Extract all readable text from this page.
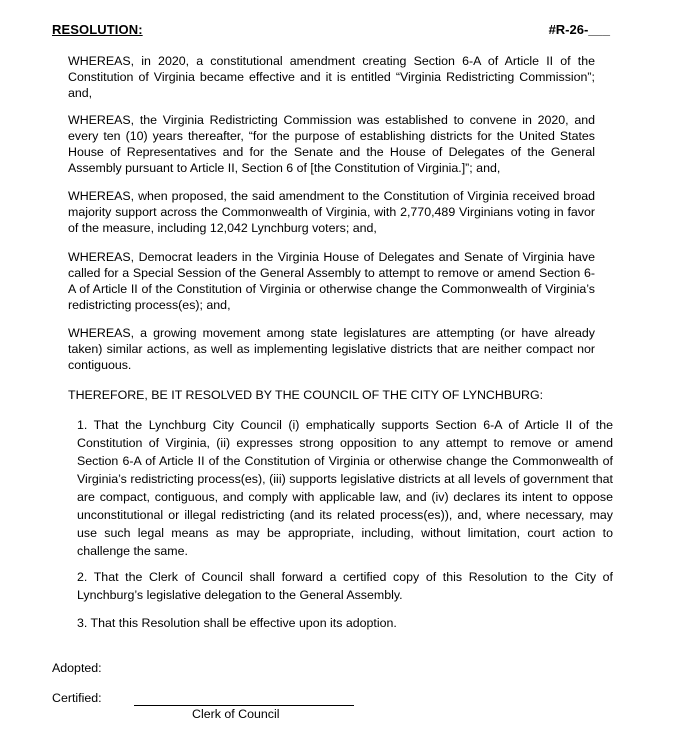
RESOLUTION:	#R-26-___

WHEREAS, in 2020, a constitutional amendment creating Section 6-A of Article II of the Constitution of Virginia became effective and it is entitled “Virginia Redistricting Commission”; and,

WHEREAS, the Virginia Redistricting Commission was established to convene in 2020, and every ten (10) years thereafter, “for the purpose of establishing districts for the United States House of Representatives and for the Senate and the House of Delegates of the General Assembly pursuant to Article II, Section 6 of [the Constitution of Virginia.]”; and,

WHEREAS, when proposed, the said amendment to the Constitution of Virginia received broad majority support across the Commonwealth of Virginia, with 2,770,489 Virginians voting in favor of the measure, including 12,042 Lynchburg voters; and,

WHEREAS, Democrat leaders in the Virginia House of Delegates and Senate of Virginia have called for a Special Session of the General Assembly to attempt to remove or amend Section 6-A of Article II of the Constitution of Virginia or otherwise change the Commonwealth of Virginia’s redistricting process(es); and,

WHEREAS, a growing movement among state legislatures are attempting (or have already taken) similar actions, as well as implementing legislative districts that are neither compact nor contiguous.

THEREFORE, BE IT RESOLVED BY THE COUNCIL OF THE CITY OF LYNCHBURG:

1. That the Lynchburg City Council (i) emphatically supports Section 6-A of Article II of the Constitution of Virginia, (ii) expresses strong opposition to any attempt to remove or amend Section 6-A of Article II of the Constitution of Virginia or otherwise change the Commonwealth of Virginia’s redistricting process(es), (iii) supports legislative districts at all levels of government that are compact, contiguous, and comply with applicable law, and (iv) declares its intent to oppose unconstitutional or illegal redistricting (and its related process(es)), and, where necessary, may use such legal means as may be appropriate, including, without limitation, court action to challenge the same.

2. That the Clerk of Council shall forward a certified copy of this Resolution to the City of Lynchburg’s legislative delegation to the General Assembly.

3. That this Resolution shall be effective upon its adoption.

Adopted:
Certified:
Clerk of Council
